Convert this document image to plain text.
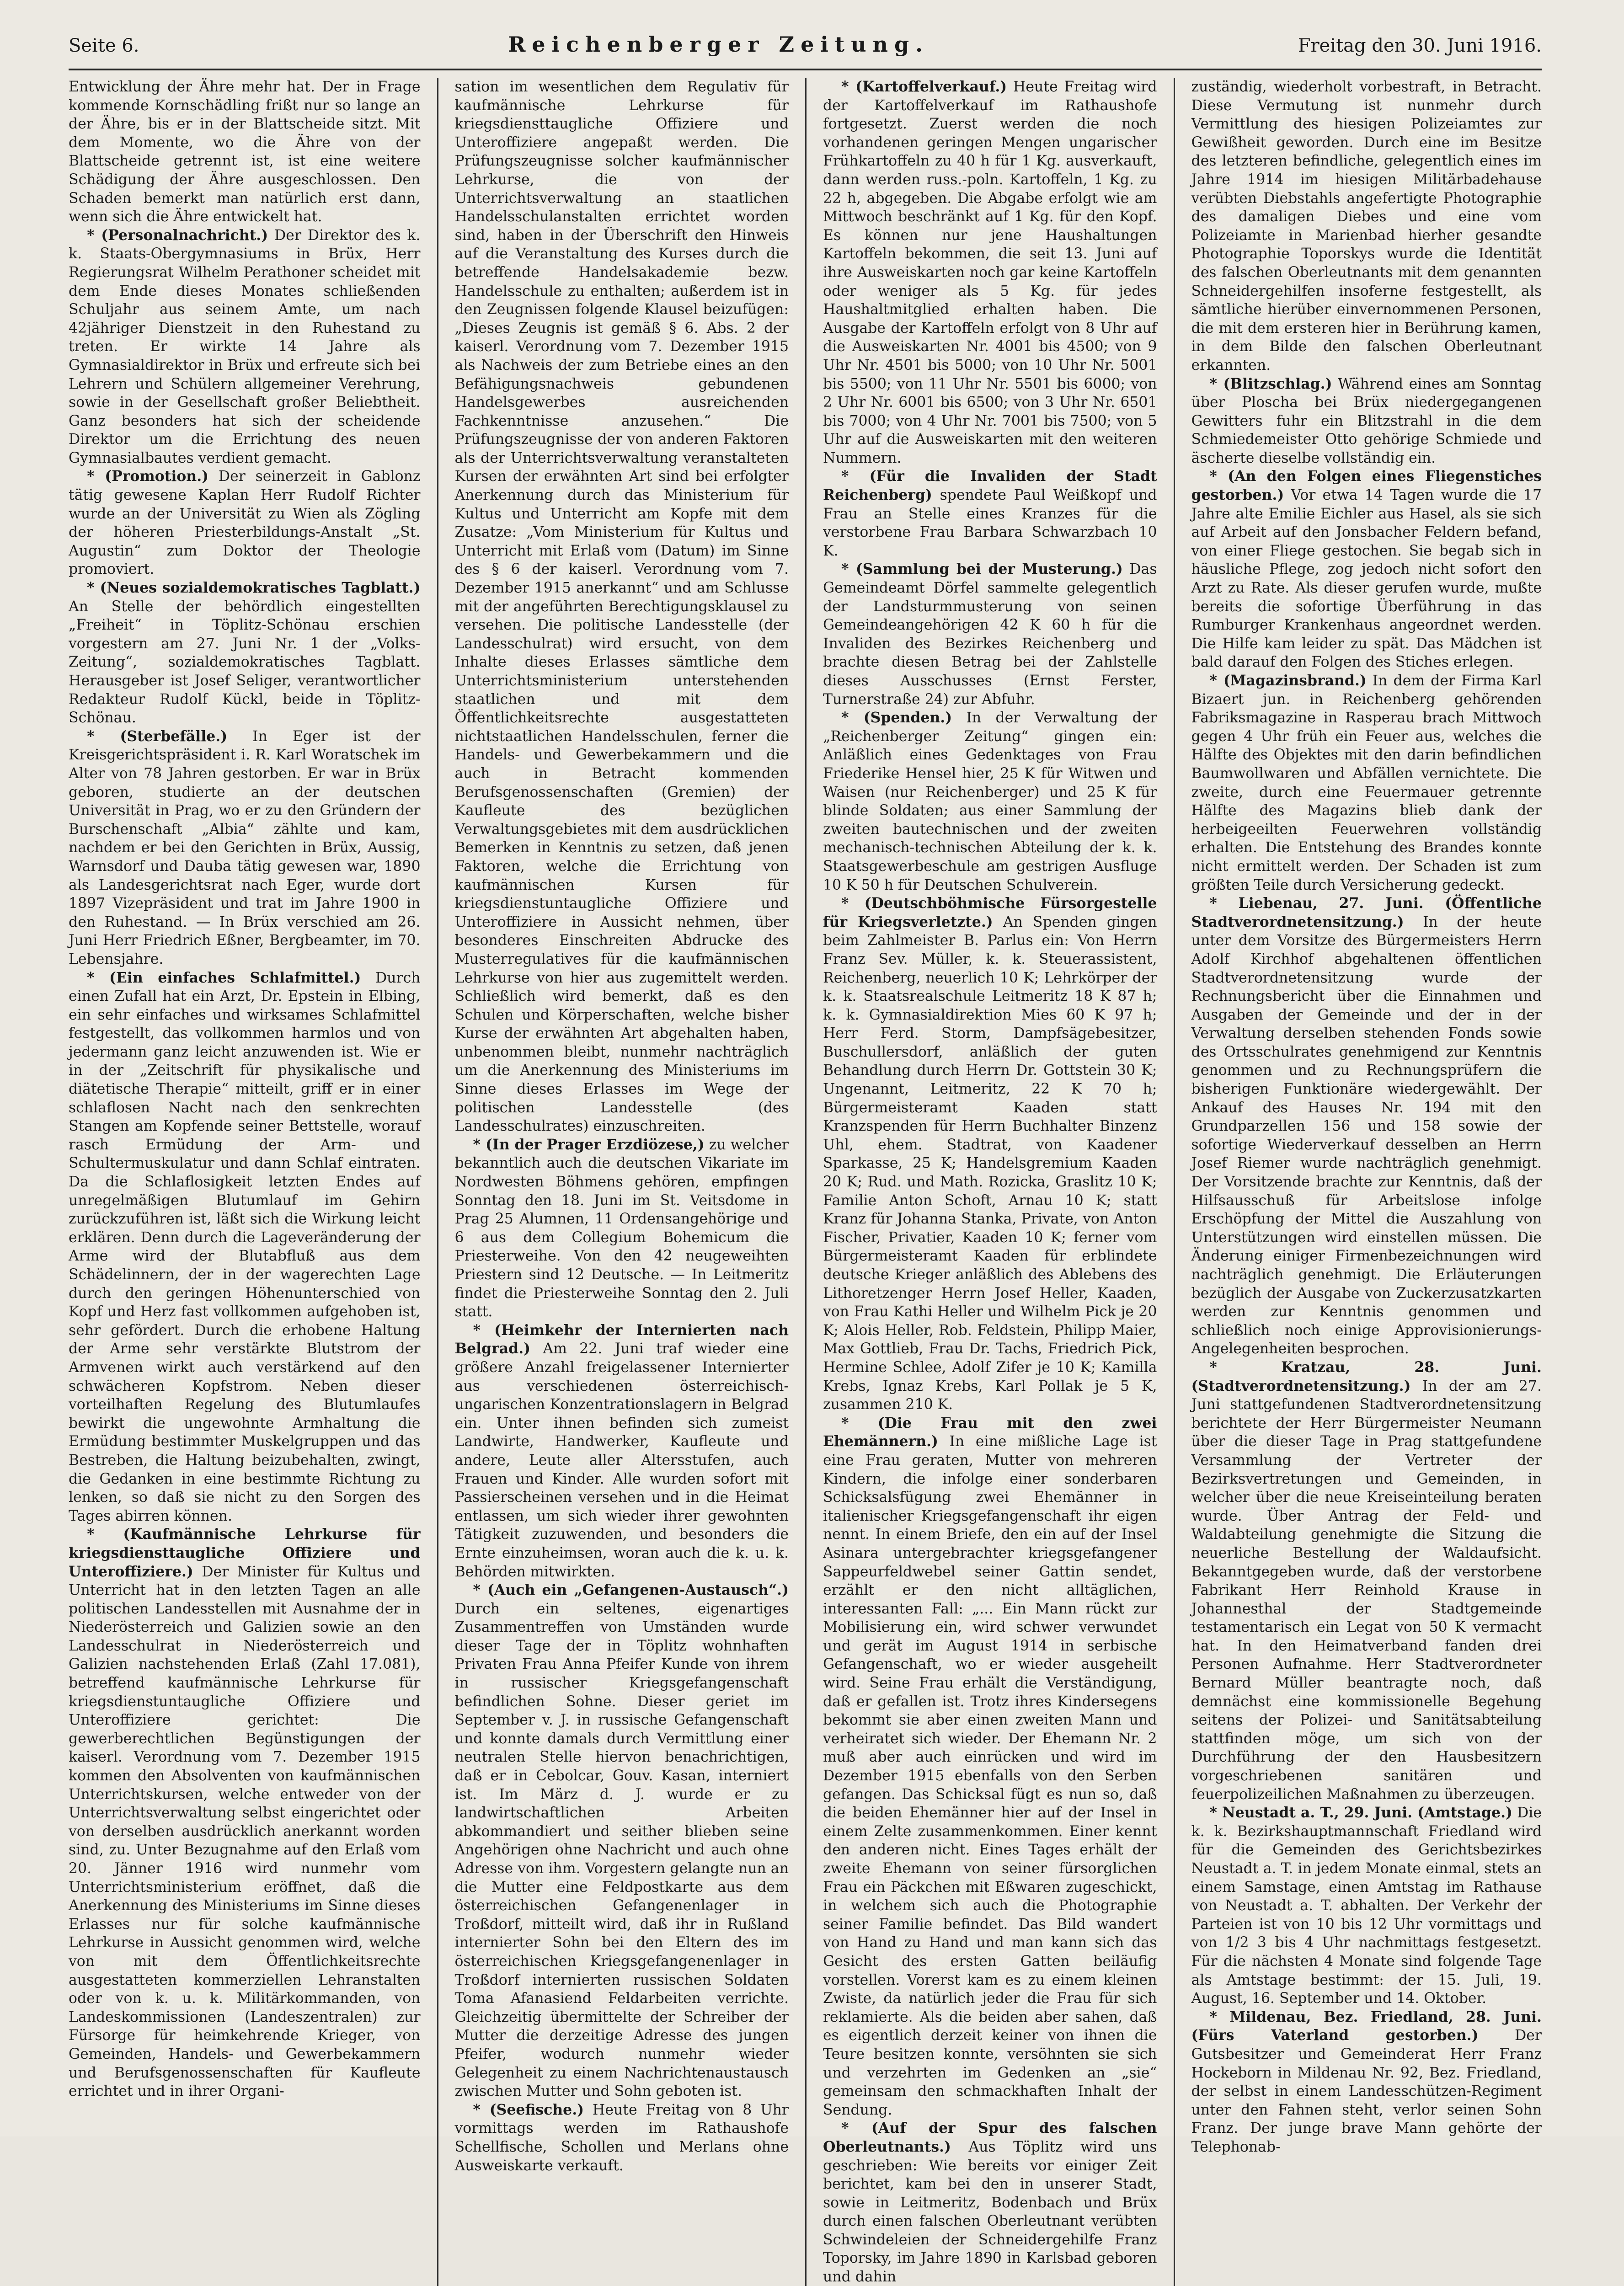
Seite 6.	Reichenberger Zeitung.	Freitag den 30. Juni 1916.

Entwicklung der Ähre mehr hat. Der in Frage kommende Kornschädling frißt nur so lange an der Ähre, bis er in der Blattscheide sitzt. Mit dem Momente, wo die Ähre von der Blattscheide getrennt ist, ist eine weitere Schädigung der Ähre ausgeschlossen. Den Schaden bemerkt man natürlich erst dann, wenn sich die Ähre entwickelt hat.

* (Personalnachricht.) Der Direktor des k. k. Staats-Obergymnasiums in Brüx, Herr Regierungsrat Wilhelm Perathoner scheidet mit dem Ende dieses Monates schließenden Schuljahr aus seinem Amte, um nach 42jähriger Dienstzeit in den Ruhestand zu treten. Er wirkte 14 Jahre als Gymnasialdirektor in Brüx und erfreute sich bei Lehrern und Schülern allgemeiner Verehrung, sowie in der Gesellschaft großer Beliebtheit. Ganz besonders hat sich der scheidende Direktor um die Errichtung des neuen Gymnasialbautes verdient gemacht.

* (Promotion.) Der seinerzeit in Gablonz tätig gewesene Kaplan Herr Rudolf Richter wurde an der Universität zu Wien als Zögling der höheren Priesterbildungs-Anstalt „St. Augustin“ zum Doktor der Theologie promoviert.

* (Neues sozialdemokratisches Tagblatt.) An Stelle der behördlich eingestellten „Freiheit“ in Töplitz-Schönau erschien vorgestern am 27. Juni Nr. 1 der „Volks-Zeitung“, sozialdemokratisches Tagblatt. Herausgeber ist Josef Seliger, verantwortlicher Redakteur Rudolf Kückl, beide in Töplitz-Schönau.

* (Sterbefälle.) In Eger ist der Kreisgerichtspräsident i. R. Karl Woratschek im Alter von 78 Jahren gestorben. Er war in Brüx geboren, studierte an der deutschen Universität in Prag, wo er zu den Gründern der Burschenschaft „Albia“ zählte und kam, nachdem er bei den Gerichten in Brüx, Aussig, Warnsdorf und Dauba tätig gewesen war, 1890 als Landesgerichtsrat nach Eger, wurde dort 1897 Vizepräsident und trat im Jahre 1900 in den Ruhestand. — In Brüx verschied am 26. Juni Herr Friedrich Eßner, Bergbeamter, im 70. Lebensjahre.

* (Ein einfaches Schlafmittel.) Durch einen Zufall hat ein Arzt, Dr. Epstein in Elbing, ein sehr einfaches und wirksames Schlafmittel festgestellt, das vollkommen harmlos und von jedermann ganz leicht anzuwenden ist. Wie er in der „Zeitschrift für physikalische und diätetische Therapie“ mitteilt, griff er in einer schlaflosen Nacht nach den senkrechten Stangen am Kopfende seiner Bettstelle, worauf rasch Ermüdung der Arm- und Schultermuskulatur und dann Schlaf eintraten. Da die Schlaflosigkeit letzten Endes auf unregelmäßigen Blutumlauf im Gehirn zurückzuführen ist, läßt sich die Wirkung leicht erklären. Denn durch die Lageveränderung der Arme wird der Blutabfluß aus dem Schädelinnern, der in der wagerechten Lage durch den geringen Höhenunterschied von Kopf und Herz fast vollkommen aufgehoben ist, sehr gefördert. Durch die erhobene Haltung der Arme sehr verstärkte Blutstrom der Armvenen wirkt auch verstärkend auf den schwächeren Kopfstrom. Neben dieser vorteilhaften Regelung des Blutumlaufes bewirkt die ungewohnte Armhaltung die Ermüdung bestimmter Muskelgruppen und das Bestreben, die Haltung beizubehalten, zwingt, die Gedanken in eine bestimmte Richtung zu lenken, so daß sie nicht zu den Sorgen des Tages abirren können.

* (Kaufmännische Lehrkurse für kriegsdiensttaugliche Offiziere und Unteroffiziere.) Der Minister für Kultus und Unterricht hat in den letzten Tagen an alle politischen Landesstellen mit Ausnahme der in Niederösterreich und Galizien sowie an den Landesschulrat in Niederösterreich und Galizien nachstehenden Erlaß (Zahl 17.081), betreffend kaufmännische Lehrkurse für kriegsdienstuntaugliche Offiziere und Unteroffiziere gerichtet: Die gewerberechtlichen Begünstigungen der kaiserl. Verordnung vom 7. Dezember 1915 kommen den Absolventen von kaufmännischen Unterrichtskursen, welche entweder von der Unterrichtsverwaltung selbst eingerichtet oder von derselben ausdrücklich anerkannt worden sind, zu. Unter Bezugnahme auf den Erlaß vom 20. Jänner 1916 wird nunmehr vom Unterrichtsministerium eröffnet, daß die Anerkennung des Ministeriums im Sinne dieses Erlasses nur für solche kaufmännische Lehrkurse in Aussicht genommen wird, welche von mit dem Öffentlichkeitsrechte ausgestatteten kommerziellen Lehranstalten oder von k. u. k. Militärkommanden, von Landeskommissionen (Landeszentralen) zur Fürsorge für heimkehrende Krieger, von Gemeinden, Handels- und Gewerbekammern und Berufsgenossenschaften für Kaufleute errichtet und in ihrer Organi-

sation im wesentlichen dem Regulativ für kaufmännische Lehrkurse für kriegsdiensttaugliche Offiziere und Unteroffiziere angepaßt werden. Die Prüfungszeugnisse solcher kaufmännischer Lehrkurse, die von der Unterrichtsverwaltung an staatlichen Handelsschulanstalten errichtet worden sind, haben in der Überschrift den Hinweis auf die Veranstaltung des Kurses durch die betreffende Handelsakademie bezw. Handelsschule zu enthalten; außerdem ist in den Zeugnissen folgende Klausel beizufügen: „Dieses Zeugnis ist gemäß § 6. Abs. 2 der kaiserl. Verordnung vom 7. Dezember 1915 als Nachweis der zum Betriebe eines an den Befähigungsnachweis gebundenen Handelsgewerbes ausreichenden Fachkenntnisse anzusehen.“ Die Prüfungszeugnisse der von anderen Faktoren als der Unterrichtsverwaltung veranstalteten Kursen der erwähnten Art sind bei erfolgter Anerkennung durch das Ministerium für Kultus und Unterricht am Kopfe mit dem Zusatze: „Vom Ministerium für Kultus und Unterricht mit Erlaß vom (Datum) im Sinne des § 6 der kaiserl. Verordnung vom 7. Dezember 1915 anerkannt“ und am Schlusse mit der angeführten Berechtigungsklausel zu versehen. Die politische Landesstelle (der Landesschulrat) wird ersucht, von dem Inhalte dieses Erlasses sämtliche dem Unterrichtsministerium unterstehenden staatlichen und mit dem Öffentlichkeitsrechte ausgestatteten nichtstaatlichen Handelsschulen, ferner die Handels- und Gewerbekammern und die auch in Betracht kommenden Berufsgenossenschaften (Gremien) der Kaufleute des bezüglichen Verwaltungsgebietes mit dem ausdrücklichen Bemerken in Kenntnis zu setzen, daß jenen Faktoren, welche die Errichtung von kaufmännischen Kursen für kriegsdienstuntaugliche Offiziere und Unteroffiziere in Aussicht nehmen, über besonderes Einschreiten Abdrucke des Musterregulatives für die kaufmännischen Lehrkurse von hier aus zugemittelt werden. Schließlich wird bemerkt, daß es den Schulen und Körperschaften, welche bisher Kurse der erwähnten Art abgehalten haben, unbenommen bleibt, nunmehr nachträglich um die Anerkennung des Ministeriums im Sinne dieses Erlasses im Wege der politischen Landesstelle (des Landesschulrates) einzuschreiten.

* (In der Prager Erzdiözese,) zu welcher bekanntlich auch die deutschen Vikariate im Nordwesten Böhmens gehören, empfingen Sonntag den 18. Juni im St. Veitsdome in Prag 25 Alumnen, 11 Ordensangehörige und 6 aus dem Collegium Bohemicum die Priesterweihe. Von den 42 neugeweihten Priestern sind 12 Deutsche. — In Leitmeritz findet die Priesterweihe Sonntag den 2. Juli statt.

* (Heimkehr der Internierten nach Belgrad.) Am 22. Juni traf wieder eine größere Anzahl freigelassener Internierter aus verschiedenen österreichisch-ungarischen Konzentrationslagern in Belgrad ein. Unter ihnen befinden sich zumeist Landwirte, Handwerker, Kaufleute und andere, Leute aller Altersstufen, auch Frauen und Kinder. Alle wurden sofort mit Passierscheinen versehen und in die Heimat entlassen, um sich wieder ihrer gewohnten Tätigkeit zuzuwenden, und besonders die Ernte einzuheimsen, woran auch die k. u. k. Behörden mitwirkten.

* (Auch ein „Gefangenen-Austausch“.) Durch ein seltenes, eigenartiges Zusammentreffen von Umständen wurde dieser Tage der in Töplitz wohnhaften Privaten Frau Anna Pfeifer Kunde von ihrem in russischer Kriegsgefangenschaft befindlichen Sohne. Dieser geriet im September v. J. in russische Gefangenschaft und konnte damals durch Vermittlung einer neutralen Stelle hiervon benachrichtigen, daß er in Cebolcar, Gouv. Kasan, interniert ist. Im März d. J. wurde er zu landwirtschaftlichen Arbeiten abkommandiert und seither blieben seine Angehörigen ohne Nachricht und auch ohne Adresse von ihm. Vorgestern gelangte nun an die Mutter eine Feldpostkarte aus dem österreichischen Gefangenenlager in Troßdorf, mitteilt wird, daß ihr in Rußland internierter Sohn bei den Eltern des im österreichischen Kriegsgefangenenlager in Troßdorf internierten russischen Soldaten Toma Afanasiend Feldarbeiten verrichte. Gleichzeitig übermittelte der Schreiber der Mutter die derzeitige Adresse des jungen Pfeifer, wodurch nunmehr wieder Gelegenheit zu einem Nachrichtenaustausch zwischen Mutter und Sohn geboten ist.

* (Seefische.) Heute Freitag von 8 Uhr vormittags werden im Rathaushofe Schellfische, Schollen und Merlans ohne Ausweiskarte verkauft.

* (Kartoffelverkauf.) Heute Freitag wird der Kartoffelverkauf im Rathaushofe fortgesetzt. Zuerst werden die noch vorhandenen geringen Mengen ungarischer Frühkartoffeln zu 40 h für 1 Kg. ausverkauft, dann werden russ.-poln. Kartoffeln, 1 Kg. zu 22 h, abgegeben. Die Abgabe erfolgt wie am Mittwoch beschränkt auf 1 Kg. für den Kopf. Es können nur jene Haushaltungen Kartoffeln bekommen, die seit 13. Juni auf ihre Ausweiskarten noch gar keine Kartoffeln oder weniger als 5 Kg. für jedes Haushaltmitglied erhalten haben. Die Ausgabe der Kartoffeln erfolgt von 8 Uhr auf die Ausweiskarten Nr. 4001 bis 4500; von 9 Uhr Nr. 4501 bis 5000; von 10 Uhr Nr. 5001 bis 5500; von 11 Uhr Nr. 5501 bis 6000; von 2 Uhr Nr. 6001 bis 6500; von 3 Uhr Nr. 6501 bis 7000; von 4 Uhr Nr. 7001 bis 7500; von 5 Uhr auf die Ausweiskarten mit den weiteren Nummern.

* (Für die Invaliden der Stadt Reichenberg) spendete Paul Weißkopf und Frau an Stelle eines Kranzes für die verstorbene Frau Barbara Schwarzbach 10 K.

* (Sammlung bei der Musterung.) Das Gemeindeamt Dörfel sammelte gelegentlich der Landsturmmusterung von seinen Gemeindeangehörigen 42 K 60 h für die Invaliden des Bezirkes Reichenberg und brachte diesen Betrag bei der Zahlstelle dieses Ausschusses (Ernst Ferster, Turnerstraße 24) zur Abfuhr.

* (Spenden.) In der Verwaltung der „Reichenberger Zeitung“ gingen ein: Anläßlich eines Gedenktages von Frau Friederike Hensel hier, 25 K für Witwen und Waisen (nur Reichenberger) und 25 K für blinde Soldaten; aus einer Sammlung der zweiten bautechnischen und der zweiten mechanisch-technischen Abteilung der k. k. Staatsgewerbeschule am gestrigen Ausfluge 10 K 50 h für Deutschen Schulverein.

* (Deutschböhmische Fürsorgestelle für Kriegsverletzte.) An Spenden gingen beim Zahlmeister B. Parlus ein: Von Herrn Franz Sev. Müller, k. k. Steuerassistent, Reichenberg, neuerlich 10 K; Lehrkörper der k. k. Staatsrealschule Leitmeritz 18 K 87 h; k. k. Gymnasialdirektion Mies 60 K 97 h; Herr Ferd. Storm, Dampfsägebesitzer, Buschullersdorf, anläßlich der guten Behandlung durch Herrn Dr. Gottstein 30 K; Ungenannt, Leitmeritz, 22 K 70 h; Bürgermeisteramt Kaaden statt Kranzspenden für Herrn Buchhalter Binzenz Uhl, ehem. Stadtrat, von Kaadener Sparkasse, 25 K; Handelsgremium Kaaden 20 K; Rud. und Math. Rozicka, Graslitz 10 K; Familie Anton Schoft, Arnau 10 K; statt Kranz für Johanna Stanka, Private, von Anton Fischer, Privatier, Kaaden 10 K; ferner vom Bürgermeisteramt Kaaden für erblindete deutsche Krieger anläßlich des Ablebens des Lithoretzenger Herrn Josef Heller, Kaaden, von Frau Kathi Heller und Wilhelm Pick je 20 K; Alois Heller, Rob. Feldstein, Philipp Maier, Max Gottlieb, Frau Dr. Tachs, Friedrich Pick, Hermine Schlee, Adolf Zifer je 10 K; Kamilla Krebs, Ignaz Krebs, Karl Pollak je 5 K, zusammen 210 K.

* (Die Frau mit den zwei Ehemännern.) In eine mißliche Lage ist eine Frau geraten, Mutter von mehreren Kindern, die infolge einer sonderbaren Schicksalsfügung zwei Ehemänner in italienischer Kriegsgefangenschaft ihr eigen nennt. In einem Briefe, den ein auf der Insel Asinara untergebrachter kriegsgefangener Sappeurfeldwebel seiner Gattin sendet, erzählt er den nicht alltäglichen, interessanten Fall: „... Ein Mann rückt zur Mobilisierung ein, wird schwer verwundet und gerät im August 1914 in serbische Gefangenschaft, wo er wieder ausgeheilt wird. Seine Frau erhält die Verständigung, daß er gefallen ist. Trotz ihres Kindersegens bekommt sie aber einen zweiten Mann und verheiratet sich wieder. Der Ehemann Nr. 2 muß aber auch einrücken und wird im Dezember 1915 ebenfalls von den Serben gefangen. Das Schicksal fügt es nun so, daß die beiden Ehemänner hier auf der Insel in einem Zelte zusammenkommen. Einer kennt den anderen nicht. Eines Tages erhält der zweite Ehemann von seiner fürsorglichen Frau ein Päckchen mit Eßwaren zugeschickt, in welchem sich auch die Photographie seiner Familie befindet. Das Bild wandert von Hand zu Hand und man kann sich das Gesicht des ersten Gatten beiläufig vorstellen. Vorerst kam es zu einem kleinen Zwiste, da natürlich jeder die Frau für sich reklamierte. Als die beiden aber sahen, daß es eigentlich derzeit keiner von ihnen die Teure besitzen konnte, versöhnten sie sich und verzehrten im Gedenken an „sie“ gemeinsam den schmackhaften Inhalt der Sendung.

* (Auf der Spur des falschen Oberleutnants.) Aus Töplitz wird uns geschrieben: Wie bereits vor einiger Zeit berichtet, kam bei den in unserer Stadt, sowie in Leitmeritz, Bodenbach und Brüx durch einen falschen Oberleutnant verübten Schwindeleien der Schneidergehilfe Franz Toporsky, im Jahre 1890 in Karlsbad geboren und dahin

zuständig, wiederholt vorbestraft, in Betracht. Diese Vermutung ist nunmehr durch Vermittlung des hiesigen Polizeiamtes zur Gewißheit geworden. Durch eine im Besitze des letzteren befindliche, gelegentlich eines im Jahre 1914 im hiesigen Militärbadehause verübten Diebstahls angefertigte Photographie des damaligen Diebes und eine vom Polizeiamte in Marienbad hierher gesandte Photographie Toporskys wurde die Identität des falschen Oberleutnants mit dem genannten Schneidergehilfen insoferne festgestellt, als sämtliche hierüber einvernommenen Personen, die mit dem ersteren hier in Berührung kamen, in dem Bilde den falschen Oberleutnant erkannten.

* (Blitzschlag.) Während eines am Sonntag über Ploscha bei Brüx niedergegangenen Gewitters fuhr ein Blitzstrahl in die dem Schmiedemeister Otto gehörige Schmiede und äscherte dieselbe vollständig ein.

* (An den Folgen eines Fliegenstiches gestorben.) Vor etwa 14 Tagen wurde die 17 Jahre alte Emilie Eichler aus Hasel, als sie sich auf Arbeit auf den Jonsbacher Feldern befand, von einer Fliege gestochen. Sie begab sich in häusliche Pflege, zog jedoch nicht sofort den Arzt zu Rate. Als dieser gerufen wurde, mußte bereits die sofortige Überführung in das Rumburger Krankenhaus angeordnet werden. Die Hilfe kam leider zu spät. Das Mädchen ist bald darauf den Folgen des Stiches erlegen.

* (Magazinsbrand.) In dem der Firma Karl Bizaert jun. in Reichenberg gehörenden Fabriksmagazine in Rasperau brach Mittwoch gegen 4 Uhr früh ein Feuer aus, welches die Hälfte des Objektes mit den darin befindlichen Baumwollwaren und Abfällen vernichtete. Die zweite, durch eine Feuermauer getrennte Hälfte des Magazins blieb dank der herbeigeeilten Feuerwehren vollständig erhalten. Die Entstehung des Brandes konnte nicht ermittelt werden. Der Schaden ist zum größten Teile durch Versicherung gedeckt.

* Liebenau, 27. Juni. (Öffentliche Stadtverordnetensitzung.) In der heute unter dem Vorsitze des Bürgermeisters Herrn Adolf Kirchhof abgehaltenen öffentlichen Stadtverordnetensitzung wurde der Rechnungsbericht über die Einnahmen und Ausgaben der Gemeinde und der in der Verwaltung derselben stehenden Fonds sowie des Ortsschulrates genehmigend zur Kenntnis genommen und zu Rechnungsprüfern die bisherigen Funktionäre wiedergewählt. Der Ankauf des Hauses Nr. 194 mit den Grundparzellen 156 und 158 sowie der sofortige Wiederverkauf desselben an Herrn Josef Riemer wurde nachträglich genehmigt. Der Vorsitzende brachte zur Kenntnis, daß der Hilfsausschuß für Arbeitslose infolge Erschöpfung der Mittel die Auszahlung von Unterstützungen wird einstellen müssen. Die Änderung einiger Firmenbezeichnungen wird nachträglich genehmigt. Die Erläuterungen bezüglich der Ausgabe von Zuckerzusatzkarten werden zur Kenntnis genommen und schließlich noch einige Approvisionierungs-Angelegenheiten besprochen.

* Kratzau, 28. Juni. (Stadtverordnetensitzung.) In der am 27. Juni stattgefundenen Stadtverordnetensitzung berichtete der Herr Bürgermeister Neumann über die dieser Tage in Prag stattgefundene Versammlung der Vertreter der Bezirksvertretungen und Gemeinden, in welcher über die neue Kreiseinteilung beraten wurde. Über Antrag der Feld- und Waldabteilung genehmigte die Sitzung die neuerliche Bestellung der Waldaufsicht. Bekanntgegeben wurde, daß der verstorbene Fabrikant Herr Reinhold Krause in Johannesthal der Stadtgemeinde testamentarisch ein Legat von 50 K vermacht hat. In den Heimatverband fanden drei Personen Aufnahme. Herr Stadtverordneter Bernard Müller beantragte noch, daß demnächst eine kommissionelle Begehung seitens der Polizei- und Sanitätsabteilung stattfinden möge, um sich von der Durchführung der den Hausbesitzern vorgeschriebenen sanitären und feuerpolizeilichen Maßnahmen zu überzeugen.

* Neustadt a. T., 29. Juni. (Amtstage.) Die k. k. Bezirkshauptmannschaft Friedland wird für die Gemeinden des Gerichtsbezirkes Neustadt a. T. in jedem Monate einmal, stets an einem Samstage, einen Amtstag im Rathause von Neustadt a. T. abhalten. Der Verkehr der Parteien ist von 10 bis 12 Uhr vormittags und von 1/2 3 bis 4 Uhr nachmittags festgesetzt. Für die nächsten 4 Monate sind folgende Tage als Amtstage bestimmt: der 15. Juli, 19. August, 16. September und 14. Oktober.

* Mildenau, Bez. Friedland, 28. Juni. (Fürs Vaterland gestorben.)	Der Gutsbesitzer und Gemeinderat Herr Franz Hockeborn in Mildenau Nr. 92, Bez. Friedland, der selbst in einem Landesschützen-Regiment unter den Fahnen steht, verlor seinen Sohn Franz. Der junge brave Mann gehörte der Telephonab-
